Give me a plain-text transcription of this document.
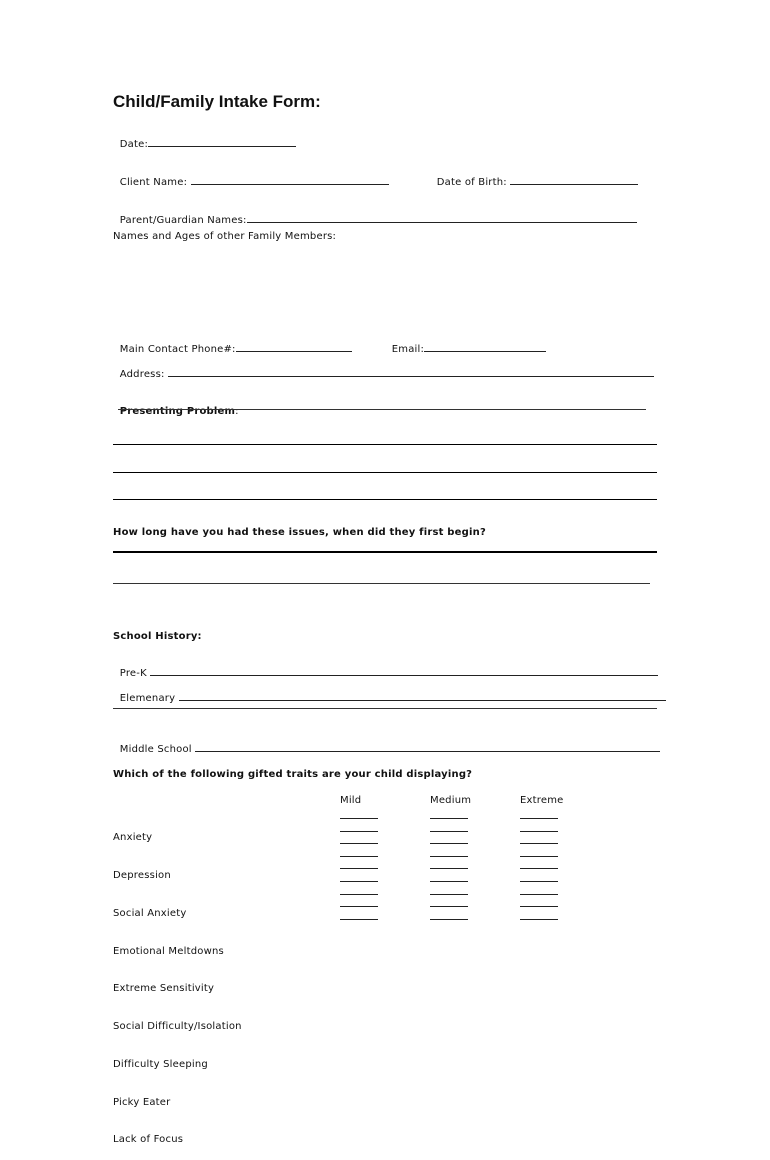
Child/Family Intake Form:

Date:

Client Name:	Date of Birth:

Parent/Guardian Names:

Names and Ages of other Family Members:

Main Contact Phone#:	Email:

Address:

Presenting Problem:

How long have you had these issues, when did they first begin?
School History:

Pre-K

Elemenary

Middle School

Which of the following gifted traits are your child displaying?
Mild	Medium	Extreme

Anxiety

Depression

Social Anxiety

Emotional Meltdowns

Extreme Sensitivity

Social Difficulty/Isolation

Difficulty Sleeping

Picky Eater

Lack of Focus
